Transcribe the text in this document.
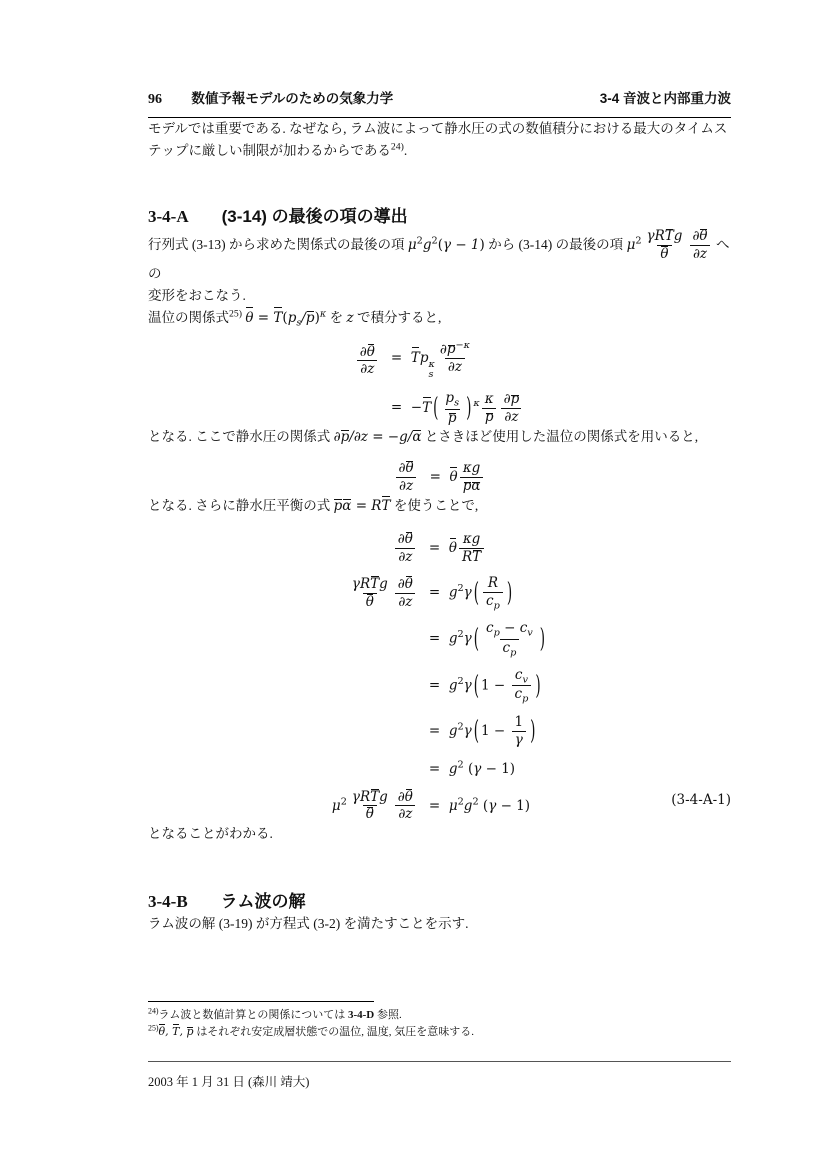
96 数値予報モデルのための気象力学	3-4 音波と内部重力波

モデルでは重要である. なぜなら, ラム波によって静水圧の式の数値積分における最大のタイムス
テップに厳しい制限が加わるからである$^{24)}$.

3-4-A (3-14) の最後の項の導出

行列式 (3-13) から求めた関係式の最後の項 $\mu^2g^2(\gamma - 1)$ から (3-14) の最後の項 $\mu^2$ γRTg
θ $\frac{\partial\theta}{\partial z}$ への
変形をおこなう.

温位の関係式$^{25)}$ $\theta = T(p_s/p)^\kappa$ を z で積分すると,

$\frac{\partial\theta}{\partial z} = Tp$ κ
s $\frac{\partial p^{-\kappa}}{\partial z}$
=  −T ( $\frac{p_s}{p}$ ) $^\kappa \frac{\kappa}{p} \frac{\partial p}{\partial z}$

となる. ここで静水圧の関係式 ∂p/∂z = −g/α とさきほど使用した温位の関係式を用いると,

$\frac{\partial\theta}{\partial z} = \theta \frac{\kappa g}{p\alpha}$

となる. さらに静水圧平衡の式 pα = RT を使うことで,

$\frac{\partial\theta}{\partial z} = \theta \frac{\kappa g}{RT}$
γRTg
θ $\frac{\partial\theta}{\partial z} = g^2\gamma$ ( $\frac{R}{c_p}$ )
=  $g^2\gamma$ ( $\frac{c_p - c_v}{c_p}$ )
=  $g^2\gamma$ ( $1 - \frac{c_v}{c_p}$ )
=  $g^2\gamma$ ( $1 - \frac{1}{\gamma}$ )
=  $g^2$ (γ − 1)
$\mu^2$ γRTg
θ $\frac{\partial\theta}{\partial z} = \mu^2g^2$ (γ − 1)	(3-4-A-1)

となることがわかる.

3-4-B ラム波の解

ラム波の解 (3-19) が方程式 (3-2) を満たすことを示す.

$^{24)}$ラム波と数値計算との関係については 3-4-D 参照.

$^{25)}$θ, T, p はそれぞれ安定成層状態での温位, 温度, 気圧を意味する.

2003 年 1 月 31 日 (森川 靖大)
